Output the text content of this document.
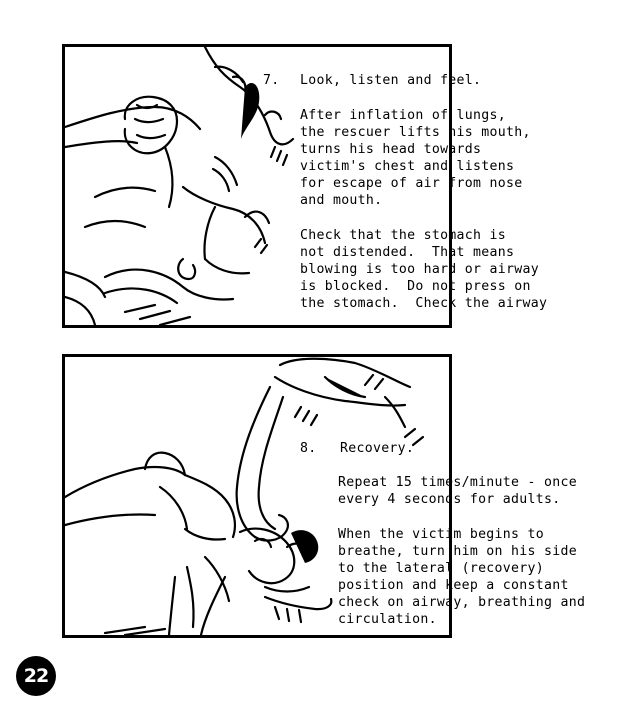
7. Look, listen and feel.
After inflation of lungs,
the rescuer lifts his mouth,
turns his head towards
victim's chest and listens
for escape of air from nose
and mouth.
Check that the stomach is
not distended.  That means
blowing is too hard or airway
is blocked.  Do not press on
the stomach.  Check the airway
8. Recovery.
Repeat 15 times/minute - once
every 4 seconds for adults.
When the victim begins to
breathe, turn him on his side
to the lateral (recovery)
position and keep a constant
check on airway, breathing and
circulation.
22
